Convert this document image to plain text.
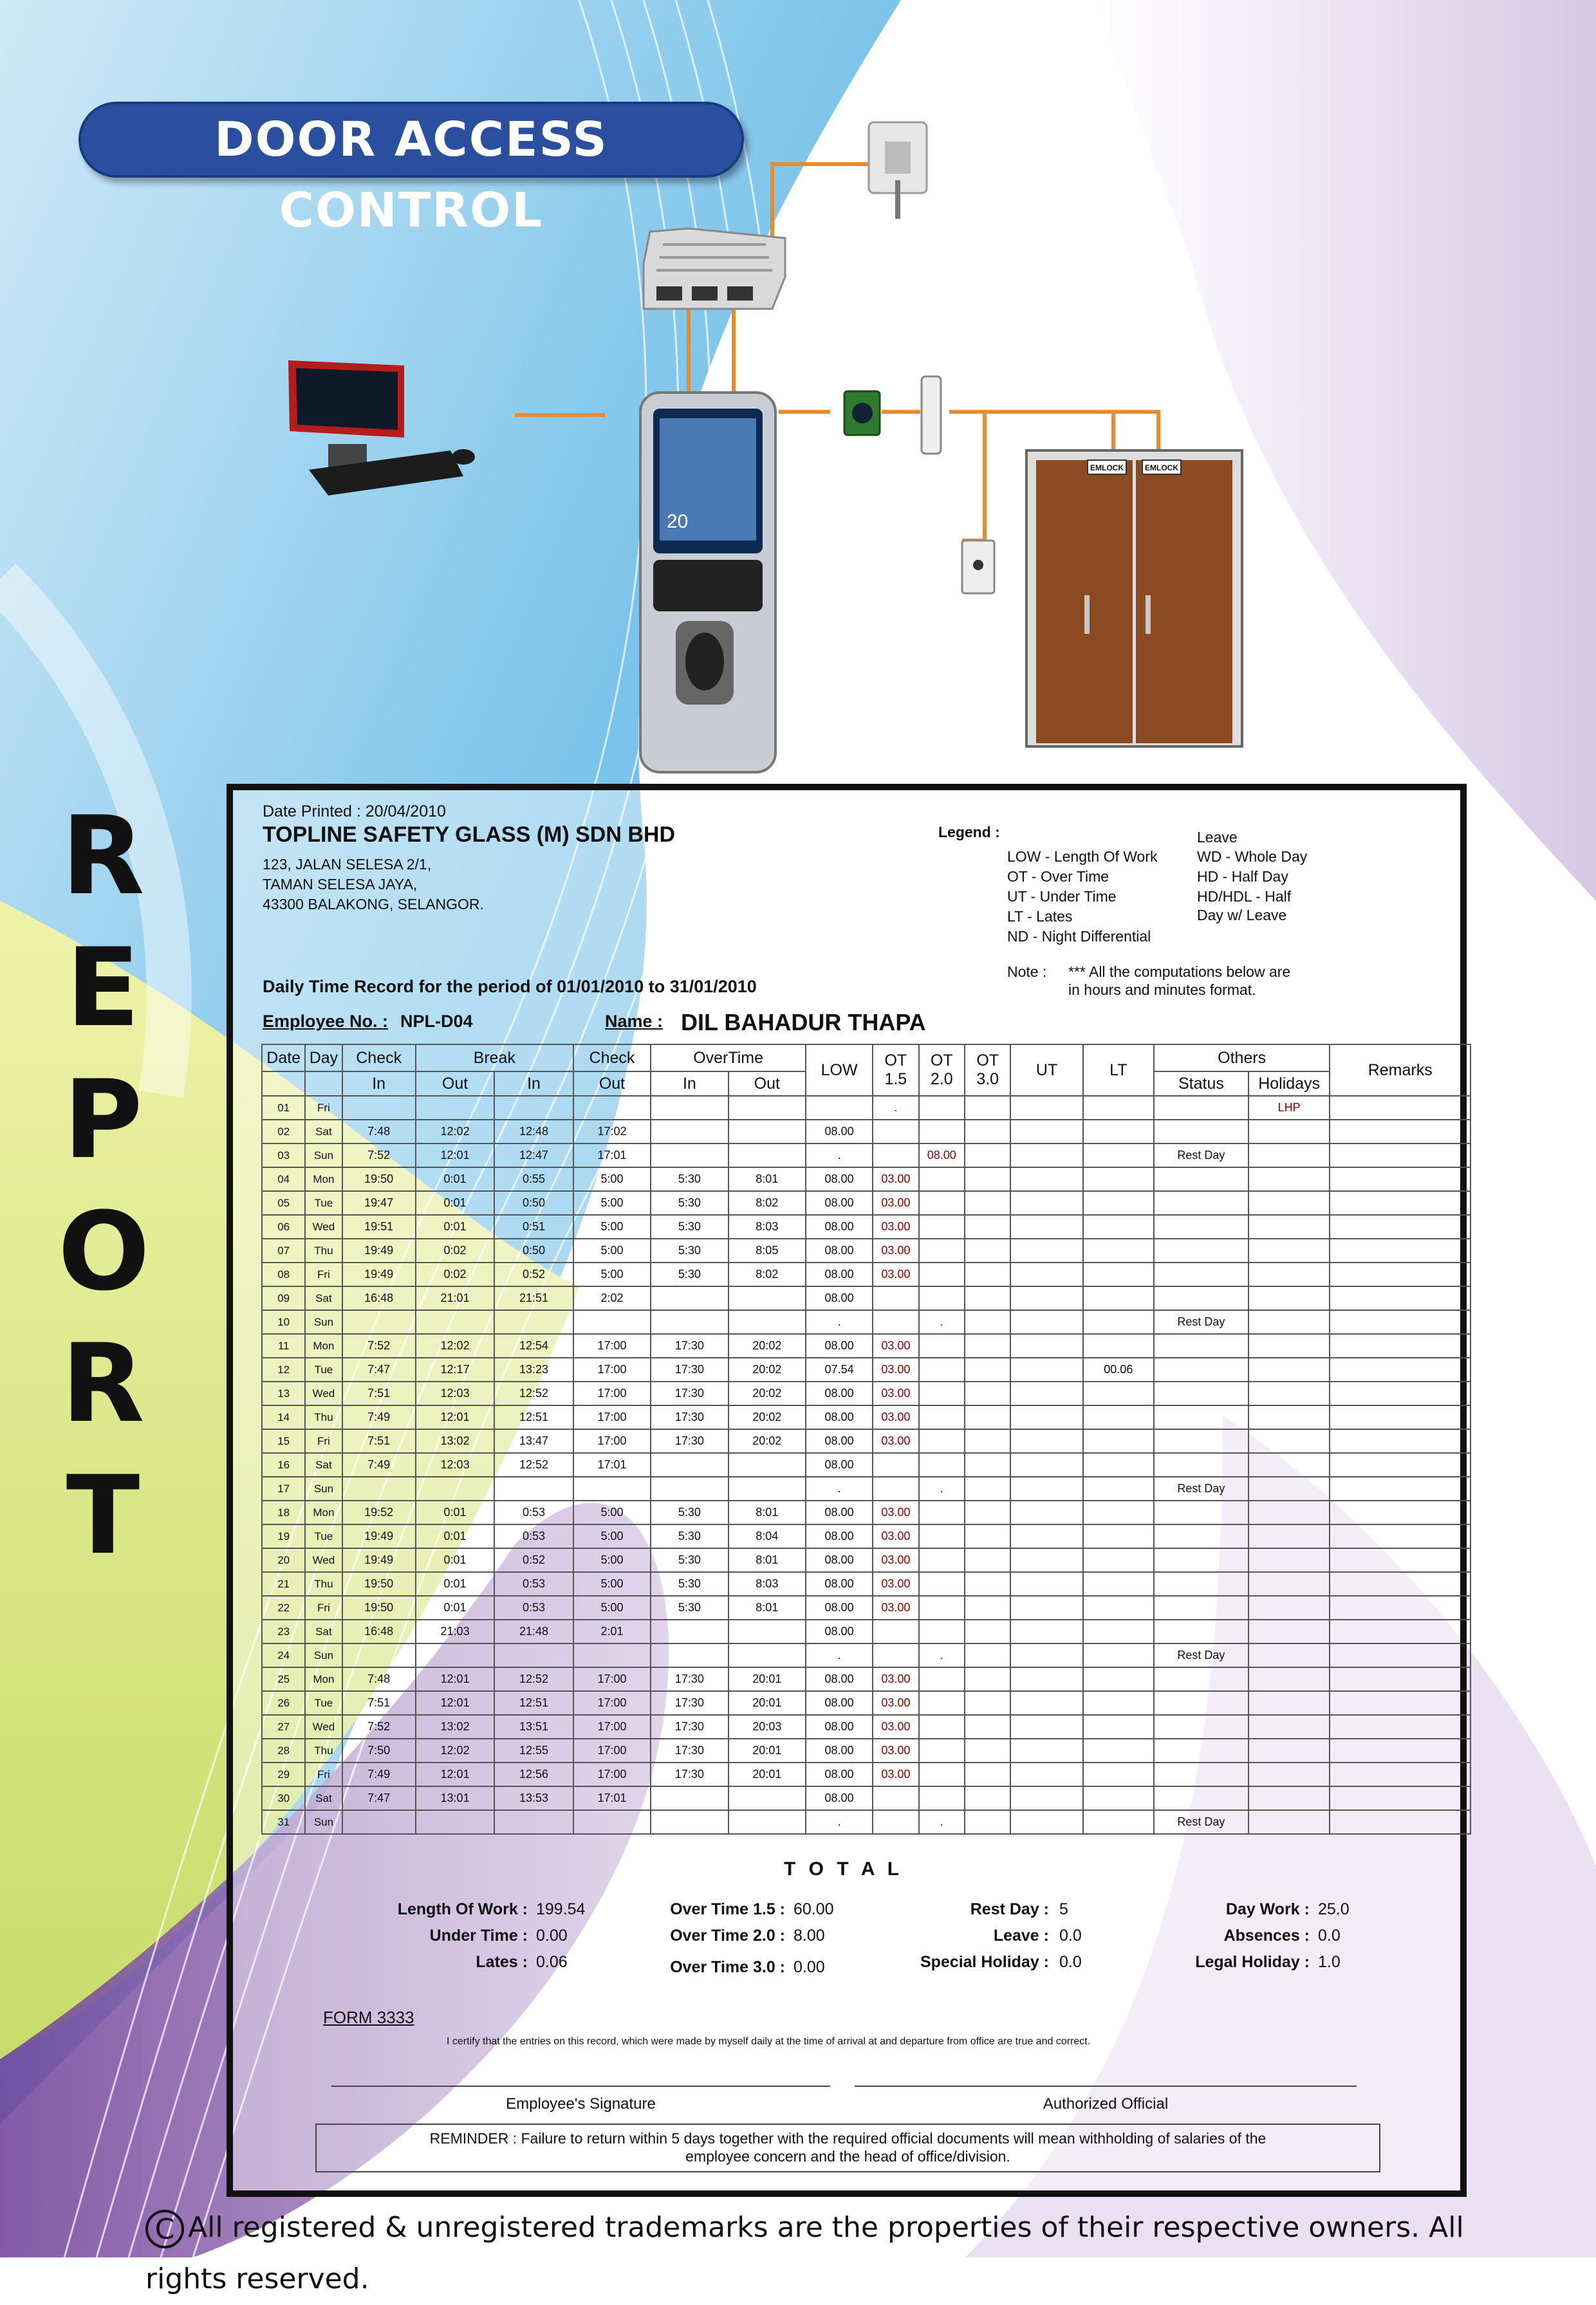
DOOR ACCESS CONTROL
20
EMLOCK	EMLOCK
R
E
P
O
R
T
Date Printed : 20/04/2010
TOPLINE SAFETY GLASS (M) SDN BHD
123, JALAN SELESA 2/1,
TAMAN SELESA JAYA,
43300 BALAKONG, SELANGOR.
Legend :
LOW - Length Of Work
OT - Over Time
UT - Under Time
LT - Lates
ND - Night Differential
Leave
WD - Whole Day
HD - Half Day
HD/HDL - Half
Day w/ Leave
Note : *** All the computations below are
in hours and minutes format.
Daily Time Record for the period of 01/01/2010 to 31/01/2010
Employee No. : NPL-D04	Name : DIL BAHADUR THAPA
Date	Day	Check	Break		Check	OverTime		LOW	OT 1.5	OT 2.0	OT 3.0	UT	LT	Others		Remarks
		In	Out	In	Out	In	Out							Status	Holidays	
01	Fri								.						LHP	
02	Sat	7:48	12:02	12:48	17:02			08.00								
03	Sun	7:52	12:01	12:47	17:01			.		08.00				Rest Day		
04	Mon	19:50	0:01	0:55	5:00	5:30	8:01	08.00	03.00							
05	Tue	19:47	0:01	0:50	5:00	5:30	8:02	08.00	03.00							
06	Wed	19:51	0:01	0:51	5:00	5:30	8:03	08.00	03.00							
07	Thu	19:49	0:02	0:50	5:00	5:30	8:05	08.00	03.00							
08	Fri	19:49	0:02	0:52	5:00	5:30	8:02	08.00	03.00							
09	Sat	16:48	21:01	21:51	2:02			08.00								
10	Sun							.		.				Rest Day		
11	Mon	7:52	12:02	12:54	17:00	17:30	20:02	08.00	03.00							
12	Tue	7:47	12:17	13:23	17:00	17:30	20:02	07.54	03.00				00.06			
13	Wed	7:51	12:03	12:52	17:00	17:30	20:02	08.00	03.00							
14	Thu	7:49	12:01	12:51	17:00	17:30	20:02	08.00	03.00							
15	Fri	7:51	13:02	13:47	17:00	17:30	20:02	08.00	03.00							
16	Sat	7:49	12:03	12:52	17:01			08.00								
17	Sun							.		.				Rest Day		
18	Mon	19:52	0:01	0:53	5:00	5:30	8:01	08.00	03.00							
19	Tue	19:49	0:01	0:53	5:00	5:30	8:04	08.00	03.00							
20	Wed	19:49	0:01	0:52	5:00	5:30	8:01	08.00	03.00							
21	Thu	19:50	0:01	0:53	5:00	5:30	8:03	08.00	03.00							
22	Fri	19:50	0:01	0:53	5:00	5:30	8:01	08.00	03.00							
23	Sat	16:48	21:03	21:48	2:01			08.00								
24	Sun							.		.				Rest Day		
25	Mon	7:48	12:01	12:52	17:00	17:30	20:01	08.00	03.00							
26	Tue	7:51	12:01	12:51	17:00	17:30	20:01	08.00	03.00							
27	Wed	7:52	13:02	13:51	17:00	17:30	20:03	08.00	03.00							
28	Thu	7:50	12:02	12:55	17:00	17:30	20:01	08.00	03.00							
29	Fri	7:49	12:01	12:56	17:00	17:30	20:01	08.00	03.00							
30	Sat	7:47	13:01	13:53	17:01			08.00								
31	Sun							.		.				Rest Day		
T O T A L
Length Of Work : 199.54
Under Time : 0.00
Lates : 0.06
Over Time 1.5 : 60.00
Over Time 2.0 : 8.00
Over Time 3.0 : 0.00
Rest Day : 5
Leave : 0.0
Special Holiday : 0.0
Day Work : 25.0
Absences : 0.0
Legal Holiday : 1.0
FORM 3333
I certify that the entries on this record, which were made by myself daily at the time of arrival at and departure from office are true and correct.
Employee's Signature	Authorized Official
REMINDER : Failure to return within 5 days together with the required official documents will mean withholding of salaries of the
employee concern and the head of office/division.
C All registered & unregistered trademarks are the properties of their respective owners. All rights reserved.
